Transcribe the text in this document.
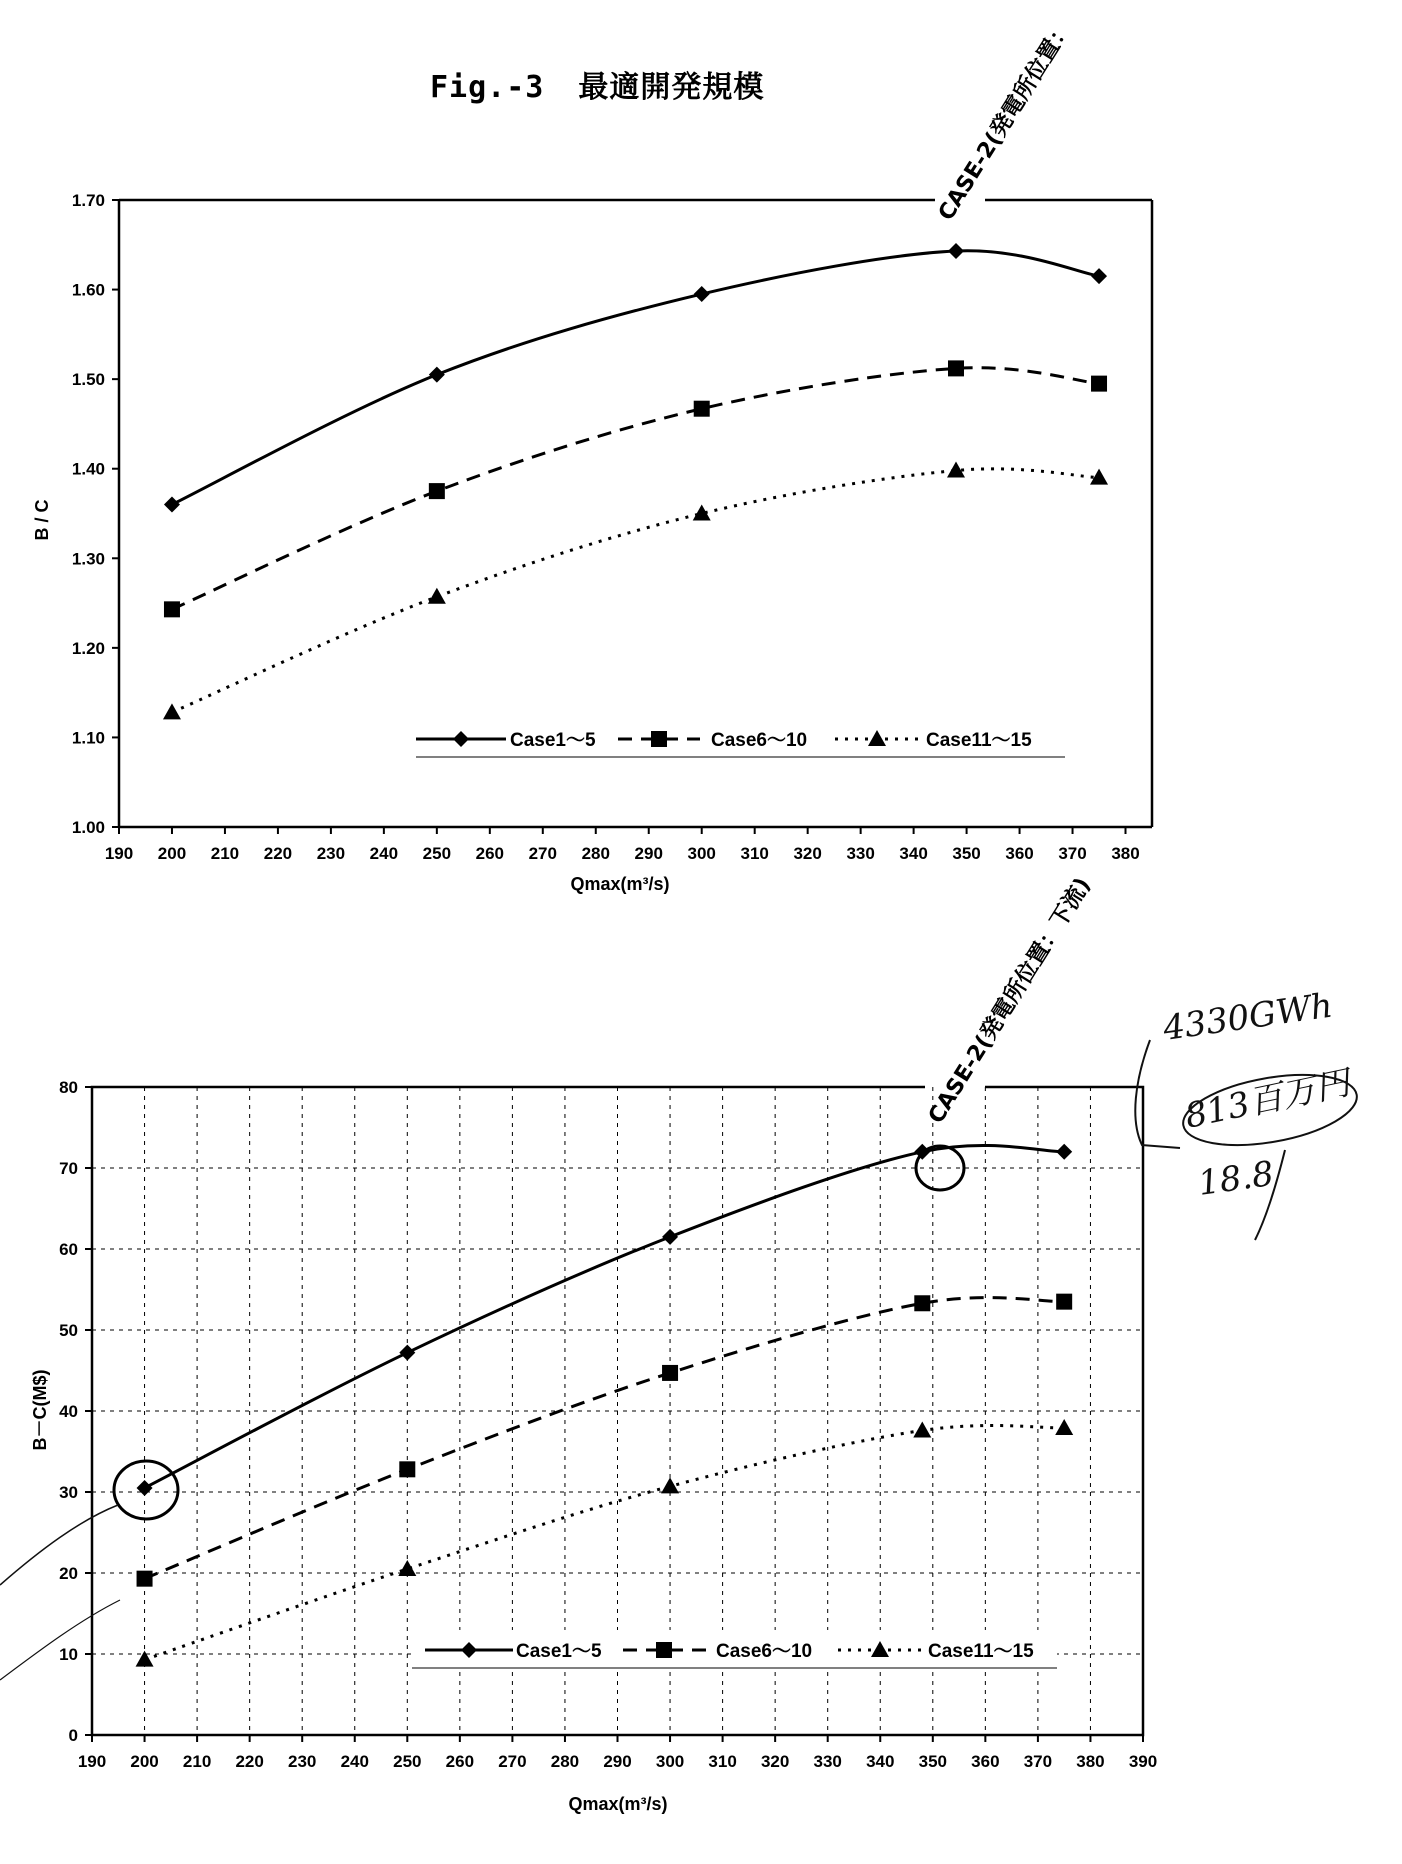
Fig.-3 最適開発規模
190 200 210 220 230 240 250 260 270 280 290 300 310 320 330 340 350 360 370 380
1.00
1.10
1.20
1.30
1.40
1.50
1.60
1.70
B / C
Qmax(m³/s)
Case1～5	Case6～10	Case11～15
CASE-2(発電所位置：
190 200 210 220 230 240 250 260 270 280 290 300 310 320 330 340 350 360 370 380 390
0
10
20
30
40
50
60
70
80
B－C(M$)
Qmax(m³/s)
Case1～5	Case6～10	Case11～15
CASE-2(発電所位置：下流) 4330GWh
813百万円
18.8
